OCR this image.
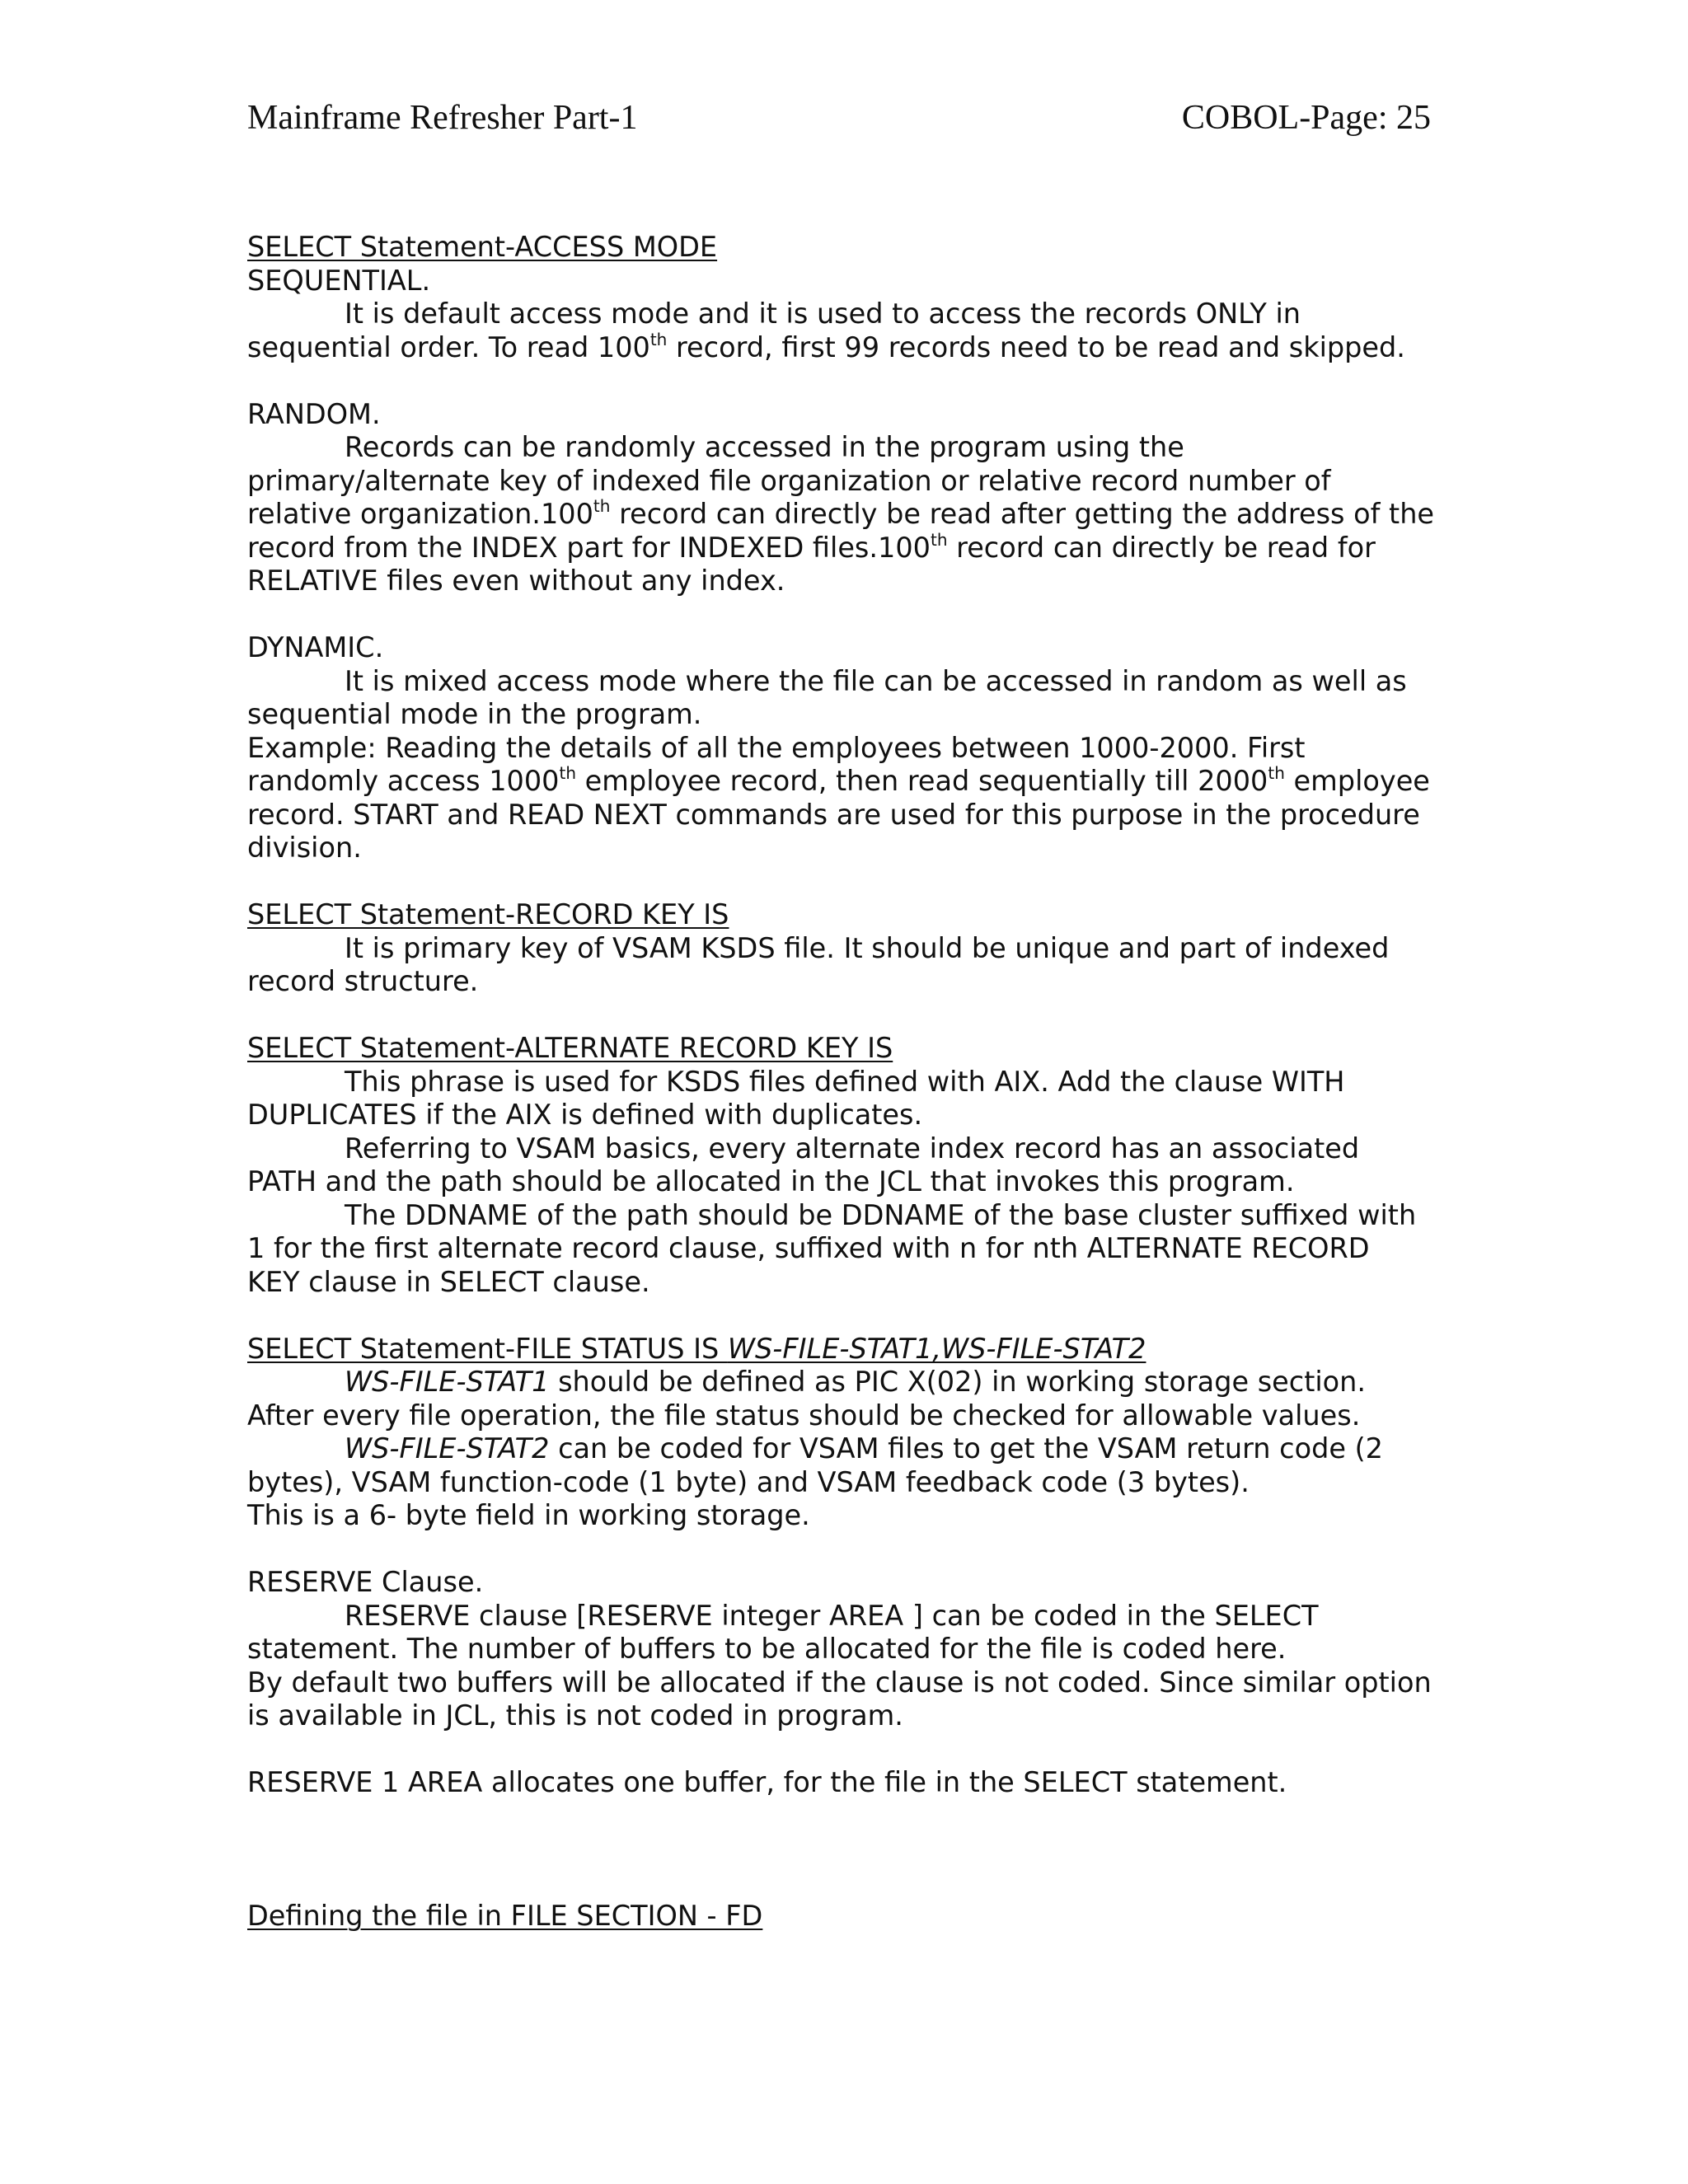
Mainframe Refresher Part-1	COBOL-Page: 25
SELECT Statement-ACCESS MODE
SEQUENTIAL.
It is default access mode and it is used to access the records ONLY in
sequential order. To read 100th record, first 99 records need to be read and skipped.
RANDOM.
Records can be randomly accessed in the program using the
primary/alternate key of indexed file organization or relative record number of
relative organization.100th record can directly be read after getting the address of the
record from the INDEX part for INDEXED files.100th record can directly be read for
RELATIVE files even without any index.
DYNAMIC.
It is mixed access mode where the file can be accessed in random as well as
sequential mode in the program.
Example: Reading the details of all the employees between 1000-2000. First
randomly access 1000th employee record, then read sequentially till 2000th employee
record. START and READ NEXT commands are used for this purpose in the procedure
division.
SELECT Statement-RECORD KEY IS
It is primary key of VSAM KSDS file. It should be unique and part of indexed
record structure.
SELECT Statement-ALTERNATE RECORD KEY IS
This phrase is used for KSDS files defined with AIX. Add the clause WITH
DUPLICATES if the AIX is defined with duplicates.
Referring to VSAM basics, every alternate index record has an associated
PATH and the path should be allocated in the JCL that invokes this program.
The DDNAME of the path should be DDNAME of the base cluster suffixed with
1 for the first alternate record clause, suffixed with n for nth ALTERNATE RECORD
KEY clause in SELECT clause.
SELECT Statement-FILE STATUS IS WS-FILE-STAT1,WS-FILE-STAT2
WS-FILE-STAT1 should be defined as PIC X(02) in working storage section.
After every file operation, the file status should be checked for allowable values.
WS-FILE-STAT2 can be coded for VSAM files to get the VSAM return code (2
bytes), VSAM function-code (1 byte) and VSAM feedback code (3 bytes).
This is a 6- byte field in working storage.
RESERVE Clause.
RESERVE clause [RESERVE integer AREA ] can be coded in the SELECT
statement. The number of buffers to be allocated for the file is coded here.
By default two buffers will be allocated if the clause is not coded. Since similar option
is available in JCL, this is not coded in program.
RESERVE 1 AREA allocates one buffer, for the file in the SELECT statement.
Defining the file in FILE SECTION - FD
